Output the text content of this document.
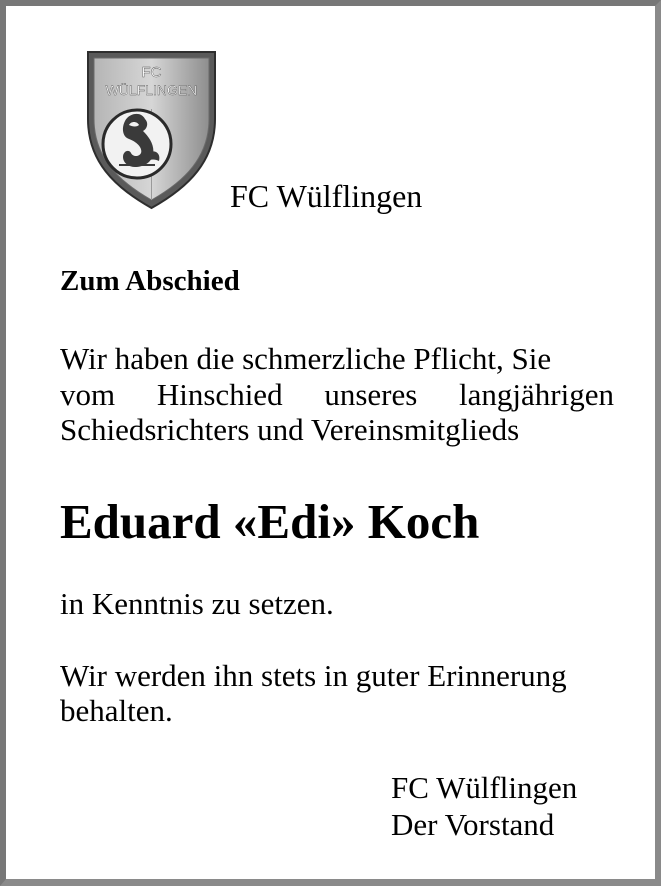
FC
WÜLFLINGEN
FC Wülflingen
Zum Abschied
Wir haben die schmerzliche Pflicht, Sie
vom Hinschied unseres langjährigen
Schiedsrichters und Vereinsmitglieds
Eduard «Edi» Koch
in Kenntnis zu setzen.
Wir werden ihn stets in guter Erinnerung
behalten.
FC Wülflingen
Der Vorstand
